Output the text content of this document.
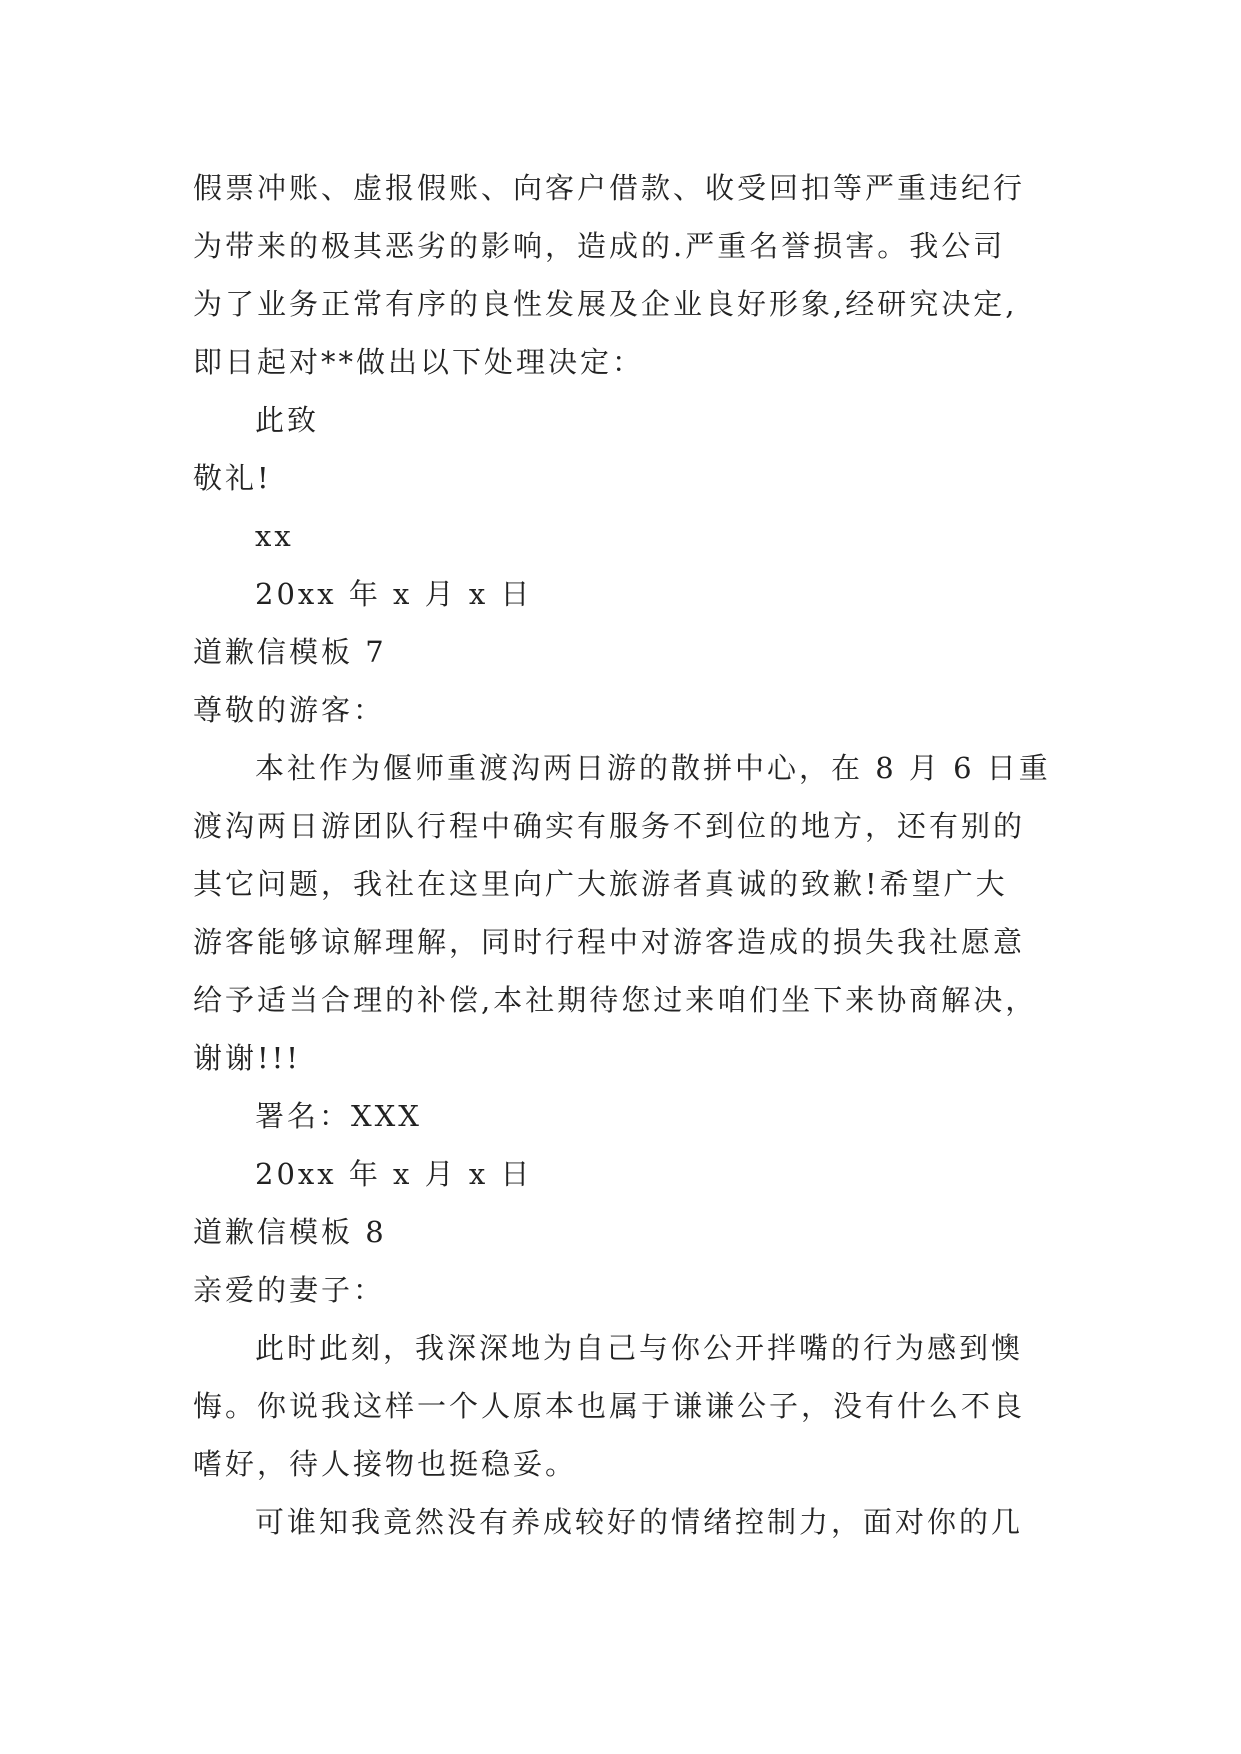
假票冲账、虚报假账、向客户借款、收受回扣等严重违纪行
为带来的极其恶劣的影响，造成的.严重名誉损害。我公司
为了业务正常有序的良性发展及企业良好形象,经研究决定,
即日起对**做出以下处理决定：
此致
敬礼!
xx
20xx 年 x 月 x 日
道歉信模板 7
尊敬的游客：
本社作为偃师重渡沟两日游的散拼中心，在 8 月 6 日重
渡沟两日游团队行程中确实有服务不到位的地方，还有别的
其它问题，我社在这里向广大旅游者真诚的致歉!希望广大
游客能够谅解理解，同时行程中对游客造成的损失我社愿意
给予适当合理的补偿,本社期待您过来咱们坐下来协商解决，
谢谢!!!
署名：XXX
20xx 年 x 月 x 日
道歉信模板 8
亲爱的妻子：
此时此刻，我深深地为自己与你公开拌嘴的行为感到懊
悔。你说我这样一个人原本也属于谦谦公子，没有什么不良
嗜好，待人接物也挺稳妥。
可谁知我竟然没有养成较好的情绪控制力，面对你的几
